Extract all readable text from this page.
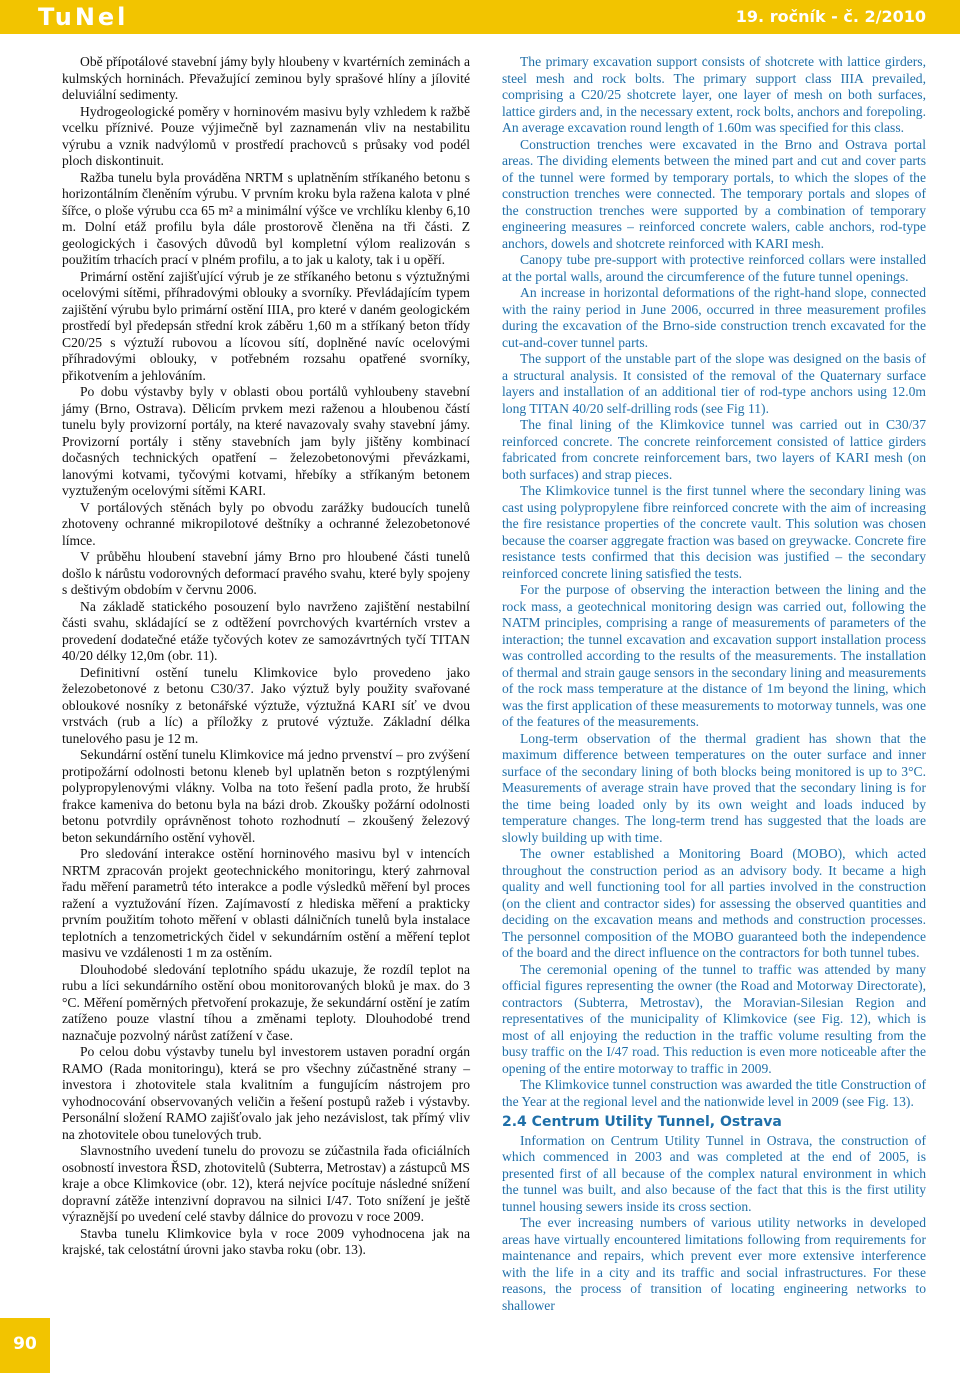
TuNel	19. ročník - č. 2/2010

Obě přípotálové stavební jámy byly hloubeny v kvartérních zeminách a kulmských horninách. Převažující zeminou byly sprašové hlíny a jílovité deluviální sedimenty.

Hydrogeologické poměry v horninovém masivu byly vzhledem k ražbě vcelku příznivé. Pouze výjimečně byl zaznamenán vliv na nestabilitu výrubu a vznik nadvýlomů v prostředí prachovců s průsaky vod podél ploch diskontinuit.

Ražba tunelu byla prováděna NRTM s uplatněním stříkaného betonu s horizontálním členěním výrubu. V prvním kroku byla ražena kalota v plné šířce, o ploše výrubu cca 65 m² a minimální výšce ve vrchlíku klenby 6,10 m. Dolní etáž profilu byla dále prostorově členěna na tři části. Z geologických i časových důvodů byl kompletní výlom realizován s použitím trhacích prací v plném profilu, a to jak u kaloty, tak i u opěří.

Primární ostění zajišťující výrub je ze stříkaného betonu s výztužnými ocelovými sítěmi, příhradovými oblouky a svorníky. Převládajícím typem zajištění výrubu bylo primární ostění IIIA, pro které v daném geologickém prostředí byl předepsán střední krok záběru 1,60 m a stříkaný beton třídy C20/25 s výztuží rubovou a lícovou sítí, doplněné navíc ocelovými příhradovými oblouky, v potřebném rozsahu opatřené svorníky, přikotvením a jehlováním.

Po dobu výstavby byly v oblasti obou portálů vyhloubeny stavební jámy (Brno, Ostrava). Dělicím prvkem mezi raženou a hloubenou částí tunelu byly provizorní portály, na které navazovaly svahy stavební jámy. Provizorní portály i stěny stavebních jam byly jištěny kombinací dočasných technických opatření – železobetonovými převázkami, lanovými kotvami, tyčovými kotvami, hřebíky a stříkaným betonem vyztuženým ocelovými sítěmi KARI.

V portálových stěnách byly po obvodu zarážky budoucích tunelů zhotoveny ochranné mikropilotové deštníky a ochranné železobetonové límce.

V průběhu hloubení stavební jámy Brno pro hloubené části tunelů došlo k nárůstu vodorovných deformací pravého svahu, které byly spojeny s deštivým obdobím v červnu 2006.

Na základě statického posouzení bylo navrženo zajištění nestabilní části svahu, skládající se z odtěžení povrchových kvartérních vrstev a provedení dodatečné etáže tyčových kotev ze samozávrtných tyčí TITAN 40/20 délky 12,0m (obr. 11).

Definitivní ostění tunelu Klimkovice bylo provedeno jako železobetonové z betonu C30/37. Jako výztuž byly použity svařované obloukové nosníky z betonářské výztuže, výztužná KARI síť ve dvou vrstvách (rub a líc) a příložky z prutové výztuže. Základní délka tunelového pasu je 12 m.

Sekundární ostění tunelu Klimkovice má jedno prvenství – pro zvýšení protipožární odolnosti betonu kleneb byl uplatněn beton s rozptýlenými polypropylenovými vlákny. Volba na toto řešení padla proto, že hrubší frakce kameniva do betonu byla na bázi drob. Zkoušky požární odolnosti betonu potvrdily oprávněnost tohoto rozhodnutí – zkoušený železový beton sekundárního ostění vyhověl.

Pro sledování interakce ostění horninového masivu byl v intencích NRTM zpracován projekt geotechnického monitoringu, který zahrnoval řadu měření parametrů této interakce a podle výsledků měření byl proces ražení a vyztužování řízen. Zajímavostí z hlediska měření a prakticky prvním použitím tohoto měření v oblasti dálničních tunelů byla instalace teplotních a tenzometrických čidel v sekundárním ostění a měření teplot masivu ve vzdálenosti 1 m za ostěním.

Dlouhodobé sledování teplotního spádu ukazuje, že rozdíl teplot na rubu a líci sekundárního ostění obou monitorovaných bloků je max. do 3 °C. Měření poměrných přetvoření prokazuje, že sekundární ostění je zatím zatíženo pouze vlastní tíhou a změnami teploty. Dlouhodobé trend naznačuje pozvolný nárůst zatížení v čase.

Po celou dobu výstavby tunelu byl investorem ustaven poradní orgán RAMO (Rada monitoringu), která se pro všechny zúčastněné strany – investora i zhotovitele stala kvalitním a fungujícím nástrojem pro vyhodnocování observovaných veličin a řešení postupů ražeb i výstavby. Personální složení RAMO zajišťovalo jak jeho nezávislost, tak přímý vliv na zhotovitele obou tunelových trub.

Slavnostního uvedení tunelu do provozu se zúčastnila řada oficiálních osobností investora ŘSD, zhotovitelů (Subterra, Metrostav) a zástupců MS kraje a obce Klimkovice (obr. 12), která nejvíce pocítuje následné snížení dopravní zátěže intenzivní dopravou na silnici I/47. Toto snížení je ještě výraznější po uvedení celé stavby dálnice do provozu v roce 2009.

Stavba tunelu Klimkovice byla v roce 2009 vyhodnocena jak na krajské, tak celostátní úrovni jako stavba roku (obr. 13).

The primary excavation support consists of shotcrete with lattice girders, steel mesh and rock bolts. The primary support class IIIA prevailed, comprising a C20/25 shotcrete layer, one layer of mesh on both surfaces, lattice girders and, in the necessary extent, rock bolts, anchors and forepoling. An average excavation round length of 1.60m was specified for this class.

Construction trenches were excavated in the Brno and Ostrava portal areas. The dividing elements between the mined part and cut and cover parts of the tunnel were formed by temporary portals, to which the slopes of the construction trenches were connected. The temporary portals and slopes of the construction trenches were supported by a combination of temporary engineering measures – reinforced concrete walers, cable anchors, rod-type anchors, dowels and shotcrete reinforced with KARI mesh.

Canopy tube pre-support with protective reinforced collars were installed at the portal walls, around the circumference of the future tunnel openings.

An increase in horizontal deformations of the right-hand slope, connected with the rainy period in June 2006, occurred in three measurement profiles during the excavation of the Brno-side construction trench excavated for the cut-and-cover tunnel parts.

The support of the unstable part of the slope was designed on the basis of a structural analysis. It consisted of the removal of the Quaternary surface layers and installation of an additional tier of rod-type anchors using 12.0m long TITAN 40/20 self-drilling rods (see Fig 11).

The final lining of the Klimkovice tunnel was carried out in C30/37 reinforced concrete. The concrete reinforcement consisted of lattice girders fabricated from concrete reinforcement bars, two layers of KARI mesh (on both surfaces) and strap pieces.

The Klimkovice tunnel is the first tunnel where the secondary lining was cast using polypropylene fibre reinforced concrete with the aim of increasing the fire resistance properties of the concrete vault. This solution was chosen because the coarser aggregate fraction was based on greywacke. Concrete fire resistance tests confirmed that this decision was justified – the secondary reinforced concrete lining satisfied the tests.

For the purpose of observing the interaction between the lining and the rock mass, a geotechnical monitoring design was carried out, following the NATM principles, comprising a range of measurements of parameters of the interaction; the tunnel excavation and excavation support installation process was controlled according to the results of the measurements. The installation of thermal and strain gauge sensors in the secondary lining and measurements of the rock mass temperature at the distance of 1m beyond the lining, which was the first application of these measurements to motorway tunnels, was one of the features of the measurements.

Long-term observation of the thermal gradient has shown that the maximum difference between temperatures on the outer surface and inner surface of the secondary lining of both blocks being monitored is up to 3°C. Measurements of average strain have proved that the secondary lining is for the time being loaded only by its own weight and loads induced by temperature changes. The long-term trend has suggested that the loads are slowly building up with time.

The owner established a Monitoring Board (MOBO), which acted throughout the construction period as an advisory body. It became a high quality and well functioning tool for all parties involved in the construction (on the client and contractor sides) for assessing the observed quantities and deciding on the excavation means and methods and construction processes. The personnel composition of the MOBO guaranteed both the independence of the board and the direct influence on the contractors for both tunnel tubes.

The ceremonial opening of the tunnel to traffic was attended by many official figures representing the owner (the Road and Motorway Directorate), contractors (Subterra, Metrostav), the Moravian-Silesian Region and representatives of the municipality of Klimkovice (see Fig. 12), which is most of all enjoying the reduction in the traffic volume resulting from the busy traffic on the I/47 road. This reduction is even more noticeable after the opening of the entire motorway to traffic in 2009.

The Klimkovice tunnel construction was awarded the title Construction of the Year at the regional level and the nationwide level in 2009 (see Fig. 13).

2.4 Centrum Utility Tunnel, Ostrava

Information on Centrum Utility Tunnel in Ostrava, the construction of which commenced in 2003 and was completed at the end of 2005, is presented first of all because of the complex natural environment in which the tunnel was built, and also because of the fact that this is the first utility tunnel housing sewers inside its cross section.

The ever increasing numbers of various utility networks in developed areas have virtually encountered limitations following from requirements for maintenance and repairs, which prevent ever more extensive interference with the life in a city and its traffic and social infrastructures. For these reasons, the process of transition of locating engineering networks to shallower

90
